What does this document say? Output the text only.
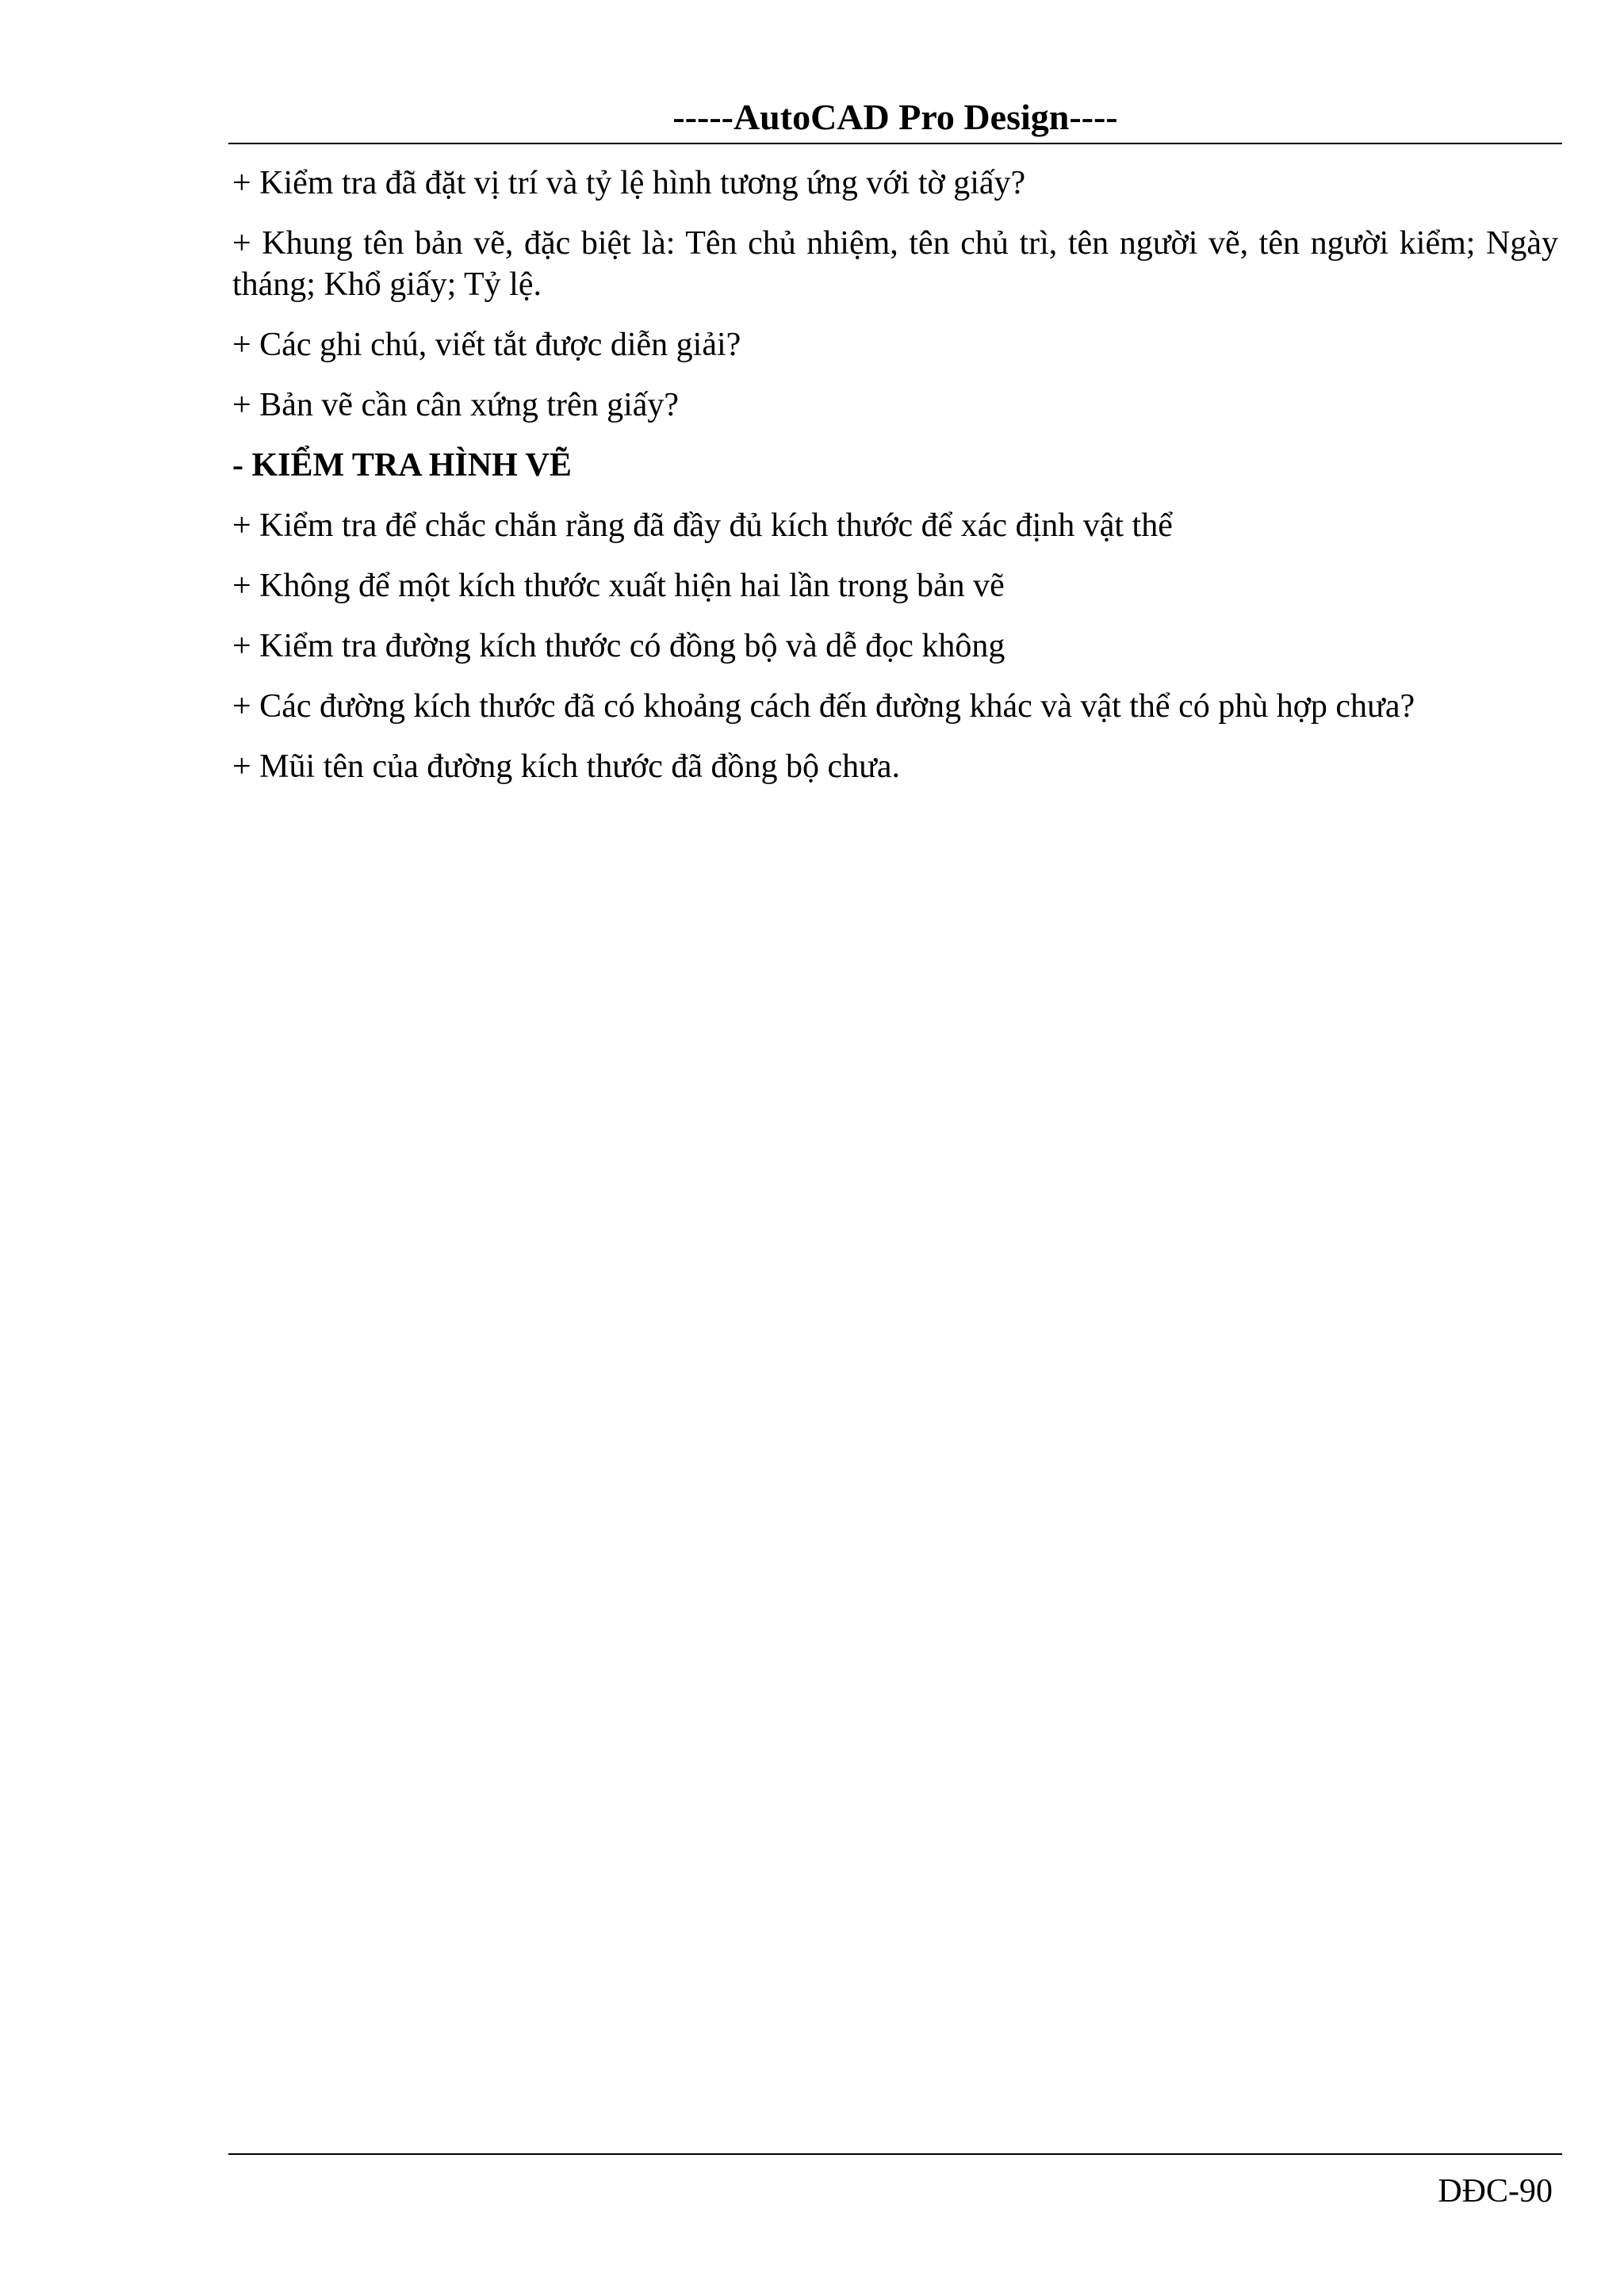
-----AutoCAD Pro Design----

+ Kiểm tra đã đặt vị trí và tỷ lệ hình tương ứng với tờ giấy?

+ Khung tên bản vẽ, đặc biệt là: Tên chủ nhiệm, tên chủ trì, tên người vẽ, tên người kiểm; Ngày tháng; Khổ giấy; Tỷ lệ.

+ Các ghi chú, viết tắt được diễn giải?

+ Bản vẽ cần cân xứng trên giấy?

- KIỂM TRA HÌNH VẼ

+ Kiểm tra để chắc chắn rằng đã đầy đủ kích thước để xác định vật thể

+ Không để một kích thước xuất hiện hai lần trong bản vẽ

+ Kiểm tra đường kích thước có đồng bộ và dễ đọc không

+ Các đường kích thước đã có khoảng cách đến đường khác và vật thể có phù hợp chưa?

+ Mũi tên của đường kích thước đã đồng bộ chưa.

DĐC-90
